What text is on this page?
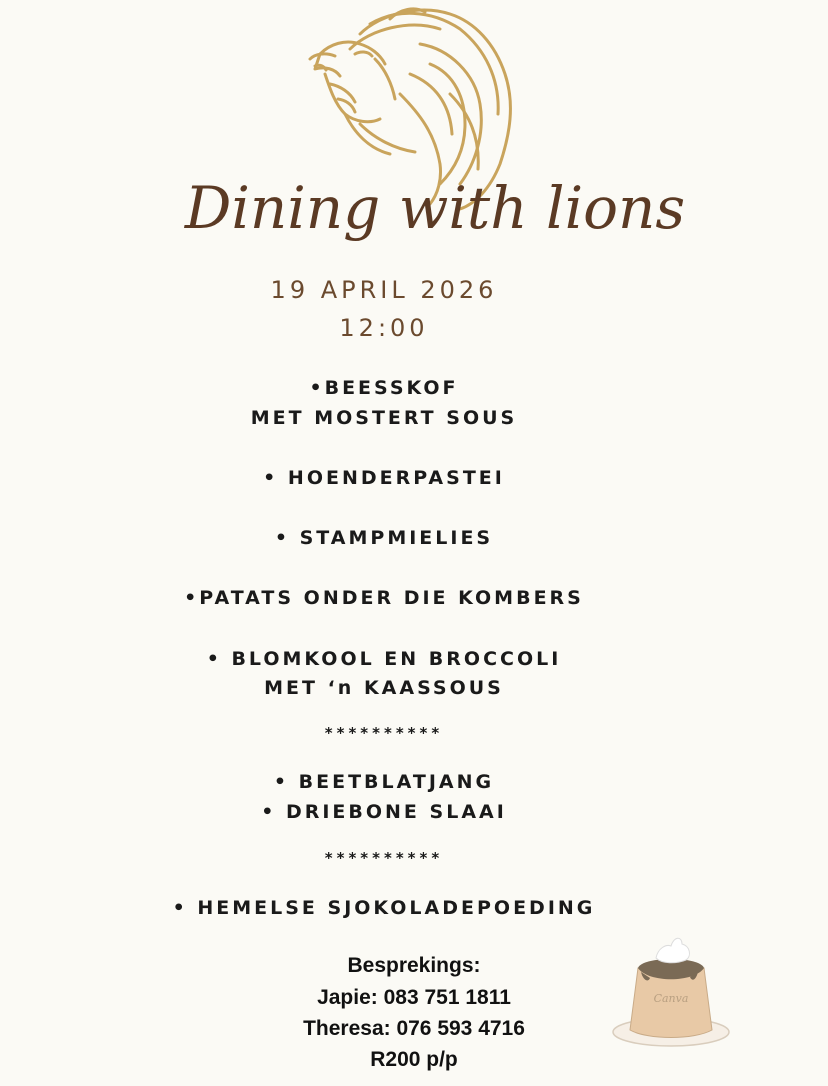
Dining with lions
19 APRIL 2026
12:00
•BEESSKOF
MET MOSTERT SOUS
• HOENDERPASTEI
• STAMPMIELIES
•PATATS ONDER DIE KOMBERS
• BLOMKOOL EN BROCCOLI
MET ‘n KAASSOUS
**********
• BEETBLATJANG
• DRIEBONE SLAAI
**********
• HEMELSE SJOKOLADEPOEDING
Besprekings:
Japie: 083 751 1811
Theresa: 076 593 4716
R200 p/p
Canva
